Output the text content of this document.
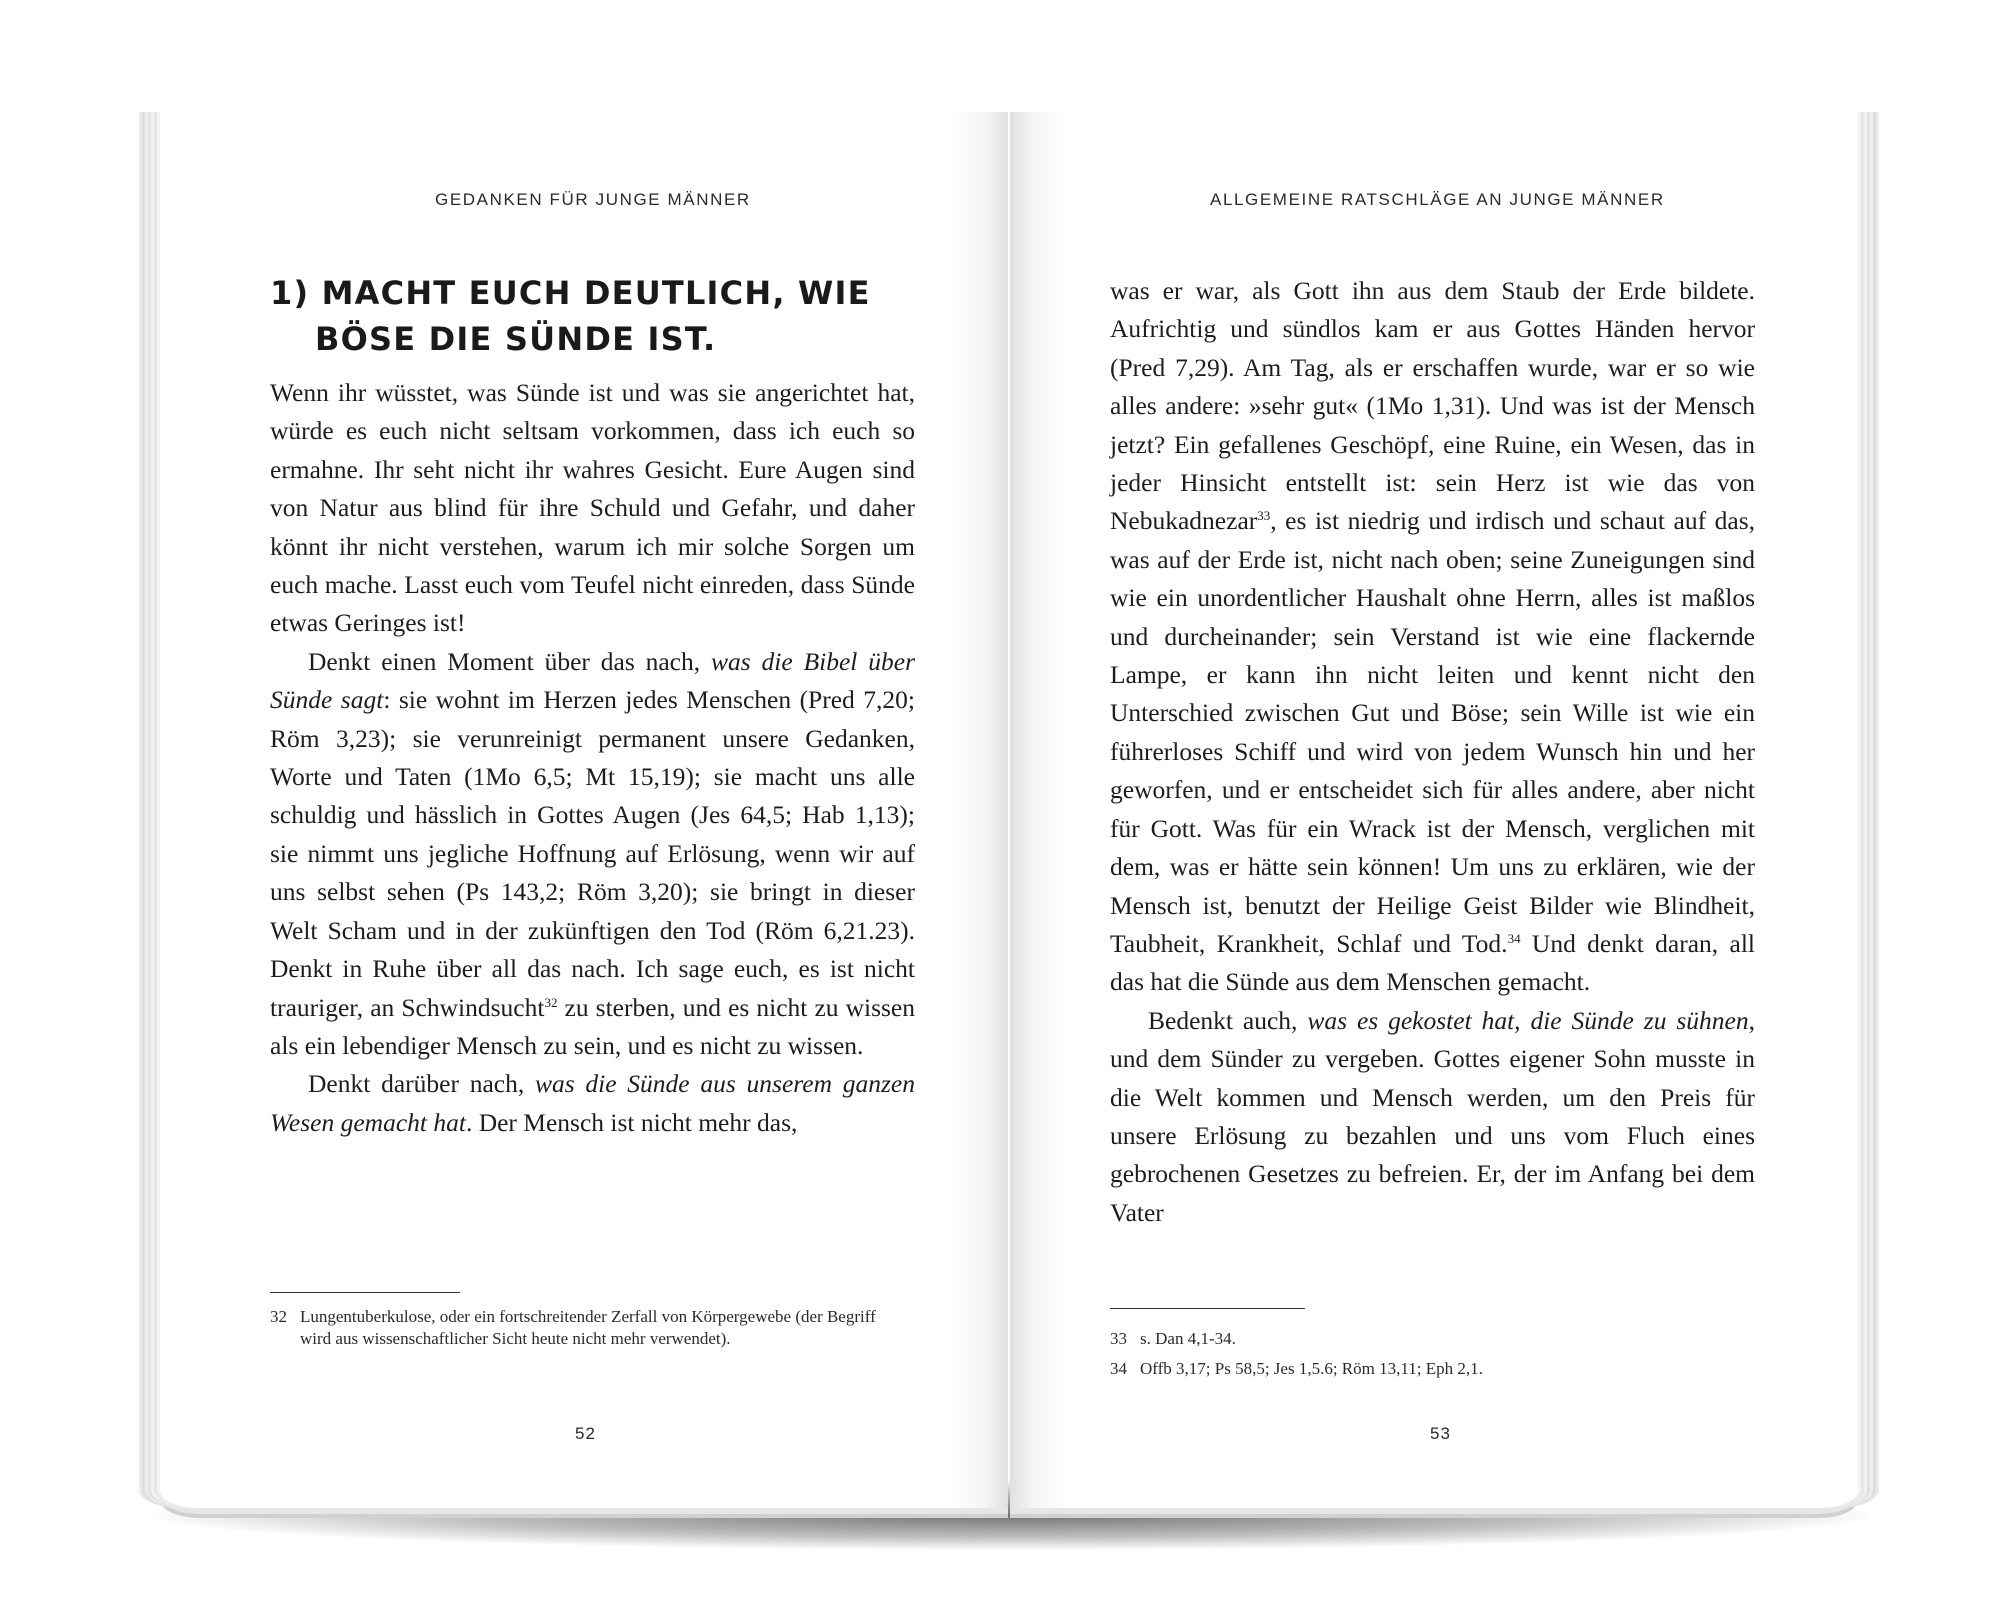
GEDANKEN FÜR JUNGE MÄNNER
1) MACHT EUCH DEUTLICH, WIE BÖSE DIE SÜNDE IST.

Wenn ihr wüsstet, was Sünde ist und was sie angerichtet hat, würde es euch nicht seltsam vorkommen, dass ich euch so ermahne. Ihr seht nicht ihr wahres Gesicht. Eure Augen sind von Natur aus blind für ihre Schuld und Gefahr, und daher könnt ihr nicht verstehen, warum ich mir solche Sorgen um euch mache. Lasst euch vom Teufel nicht einreden, dass Sünde etwas Geringes ist!

Denkt einen Moment über das nach, was die Bibel über Sünde sagt: sie wohnt im Herzen jedes Menschen (Pred 7,20; Röm 3,23); sie verunreinigt permanent unsere Gedanken, Worte und Taten (1Mo 6,5; Mt 15,19); sie macht uns alle schuldig und hässlich in Gottes Augen (Jes 64,5; Hab 1,13); sie nimmt uns jegliche Hoffnung auf Erlösung, wenn wir auf uns selbst sehen (Ps 143,2; Röm 3,20); sie bringt in dieser Welt Scham und in der zukünftigen den Tod (Röm 6,21.23). Denkt in Ruhe über all das nach. Ich sage euch, es ist nicht trauriger, an Schwindsucht$^{32}$ zu sterben, und es nicht zu wissen als ein lebendiger Mensch zu sein, und es nicht zu wissen.

Denkt darüber nach, was die Sünde aus unserem ganzen Wesen gemacht hat. Der Mensch ist nicht mehr das,

32 Lungentuberkulose, oder ein fortschreitender Zerfall von Körpergewebe (der Begriff wird aus wissenschaftlicher Sicht heute nicht mehr verwendet).
52
ALLGEMEINE RATSCHLÄGE AN JUNGE MÄNNER

was er war, als Gott ihn aus dem Staub der Erde bildete. Aufrichtig und sündlos kam er aus Gottes Händen hervor (Pred 7,29). Am Tag, als er erschaffen wurde, war er so wie alles andere: »sehr gut« (1Mo 1,31). Und was ist der Mensch jetzt? Ein gefallenes Geschöpf, eine Ruine, ein Wesen, das in jeder Hinsicht entstellt ist: sein Herz ist wie das von Nebukadnezar$^{33}$, es ist niedrig und irdisch und schaut auf das, was auf der Erde ist, nicht nach oben; seine Zuneigungen sind wie ein unordentlicher Haushalt ohne Herrn, alles ist maßlos und durcheinander; sein Verstand ist wie eine flackernde Lampe, er kann ihn nicht leiten und kennt nicht den Unterschied zwischen Gut und Böse; sein Wille ist wie ein führerloses Schiff und wird von jedem Wunsch hin und her geworfen, und er entscheidet sich für alles andere, aber nicht für Gott. Was für ein Wrack ist der Mensch, verglichen mit dem, was er hätte sein können! Um uns zu erklären, wie der Mensch ist, benutzt der Heilige Geist Bilder wie Blindheit, Taubheit, Krankheit, Schlaf und Tod.$^{34}$ Und denkt daran, all das hat die Sünde aus dem Menschen gemacht.

Bedenkt auch, was es gekostet hat, die Sünde zu sühnen, und dem Sünder zu vergeben. Gottes eigener Sohn musste in die Welt kommen und Mensch werden, um den Preis für unsere Erlösung zu bezahlen und uns vom Fluch eines gebrochenen Gesetzes zu befreien. Er, der im Anfang bei dem Vater

33 s. Dan 4,1-34.
34 Offb 3,17; Ps 58,5; Jes 1,5.6; Röm 13,11; Eph 2,1.
53
